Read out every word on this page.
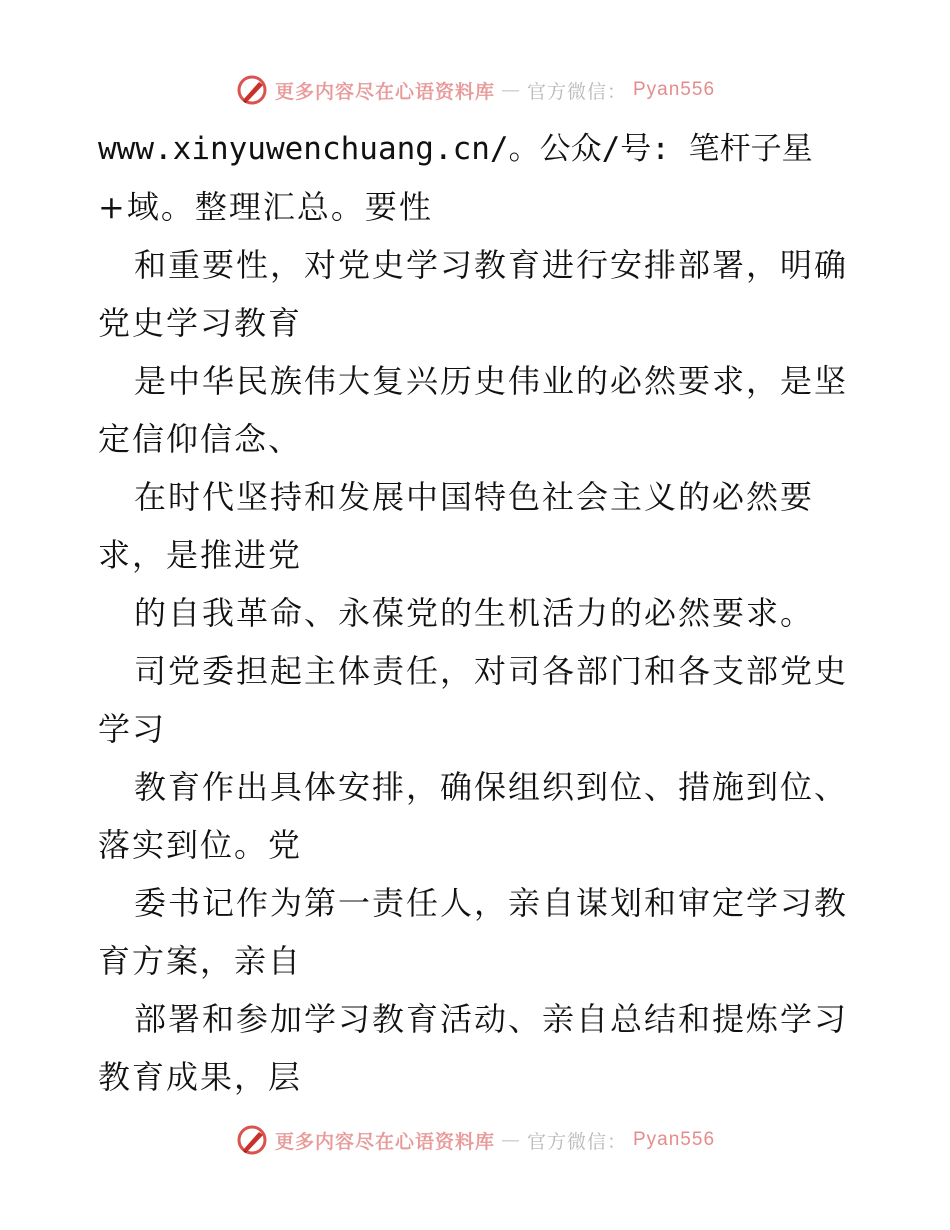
更多内容尽在心语资料库 — 官方微信： Pyan556
www.xinyuwenchuang.cn/。公众/号: 笔杆子星
+域。整理汇总。要性
和重要性，对党史学习教育进行安排部署，明确
党史学习教育
是中华民族伟大复兴历史伟业的必然要求，是坚
定信仰信念、
在时代坚持和发展中国特色社会主义的必然要
求，是推进党
的自我革命、永葆党的生机活力的必然要求。
司党委担起主体责任，对司各部门和各支部党史
学习
教育作出具体安排，确保组织到位、措施到位、
落实到位。党
委书记作为第一责任人，亲自谋划和审定学习教
育方案，亲自
部署和参加学习教育活动、亲自总结和提炼学习
教育成果，层
更多内容尽在心语资料库 — 官方微信： Pyan556
